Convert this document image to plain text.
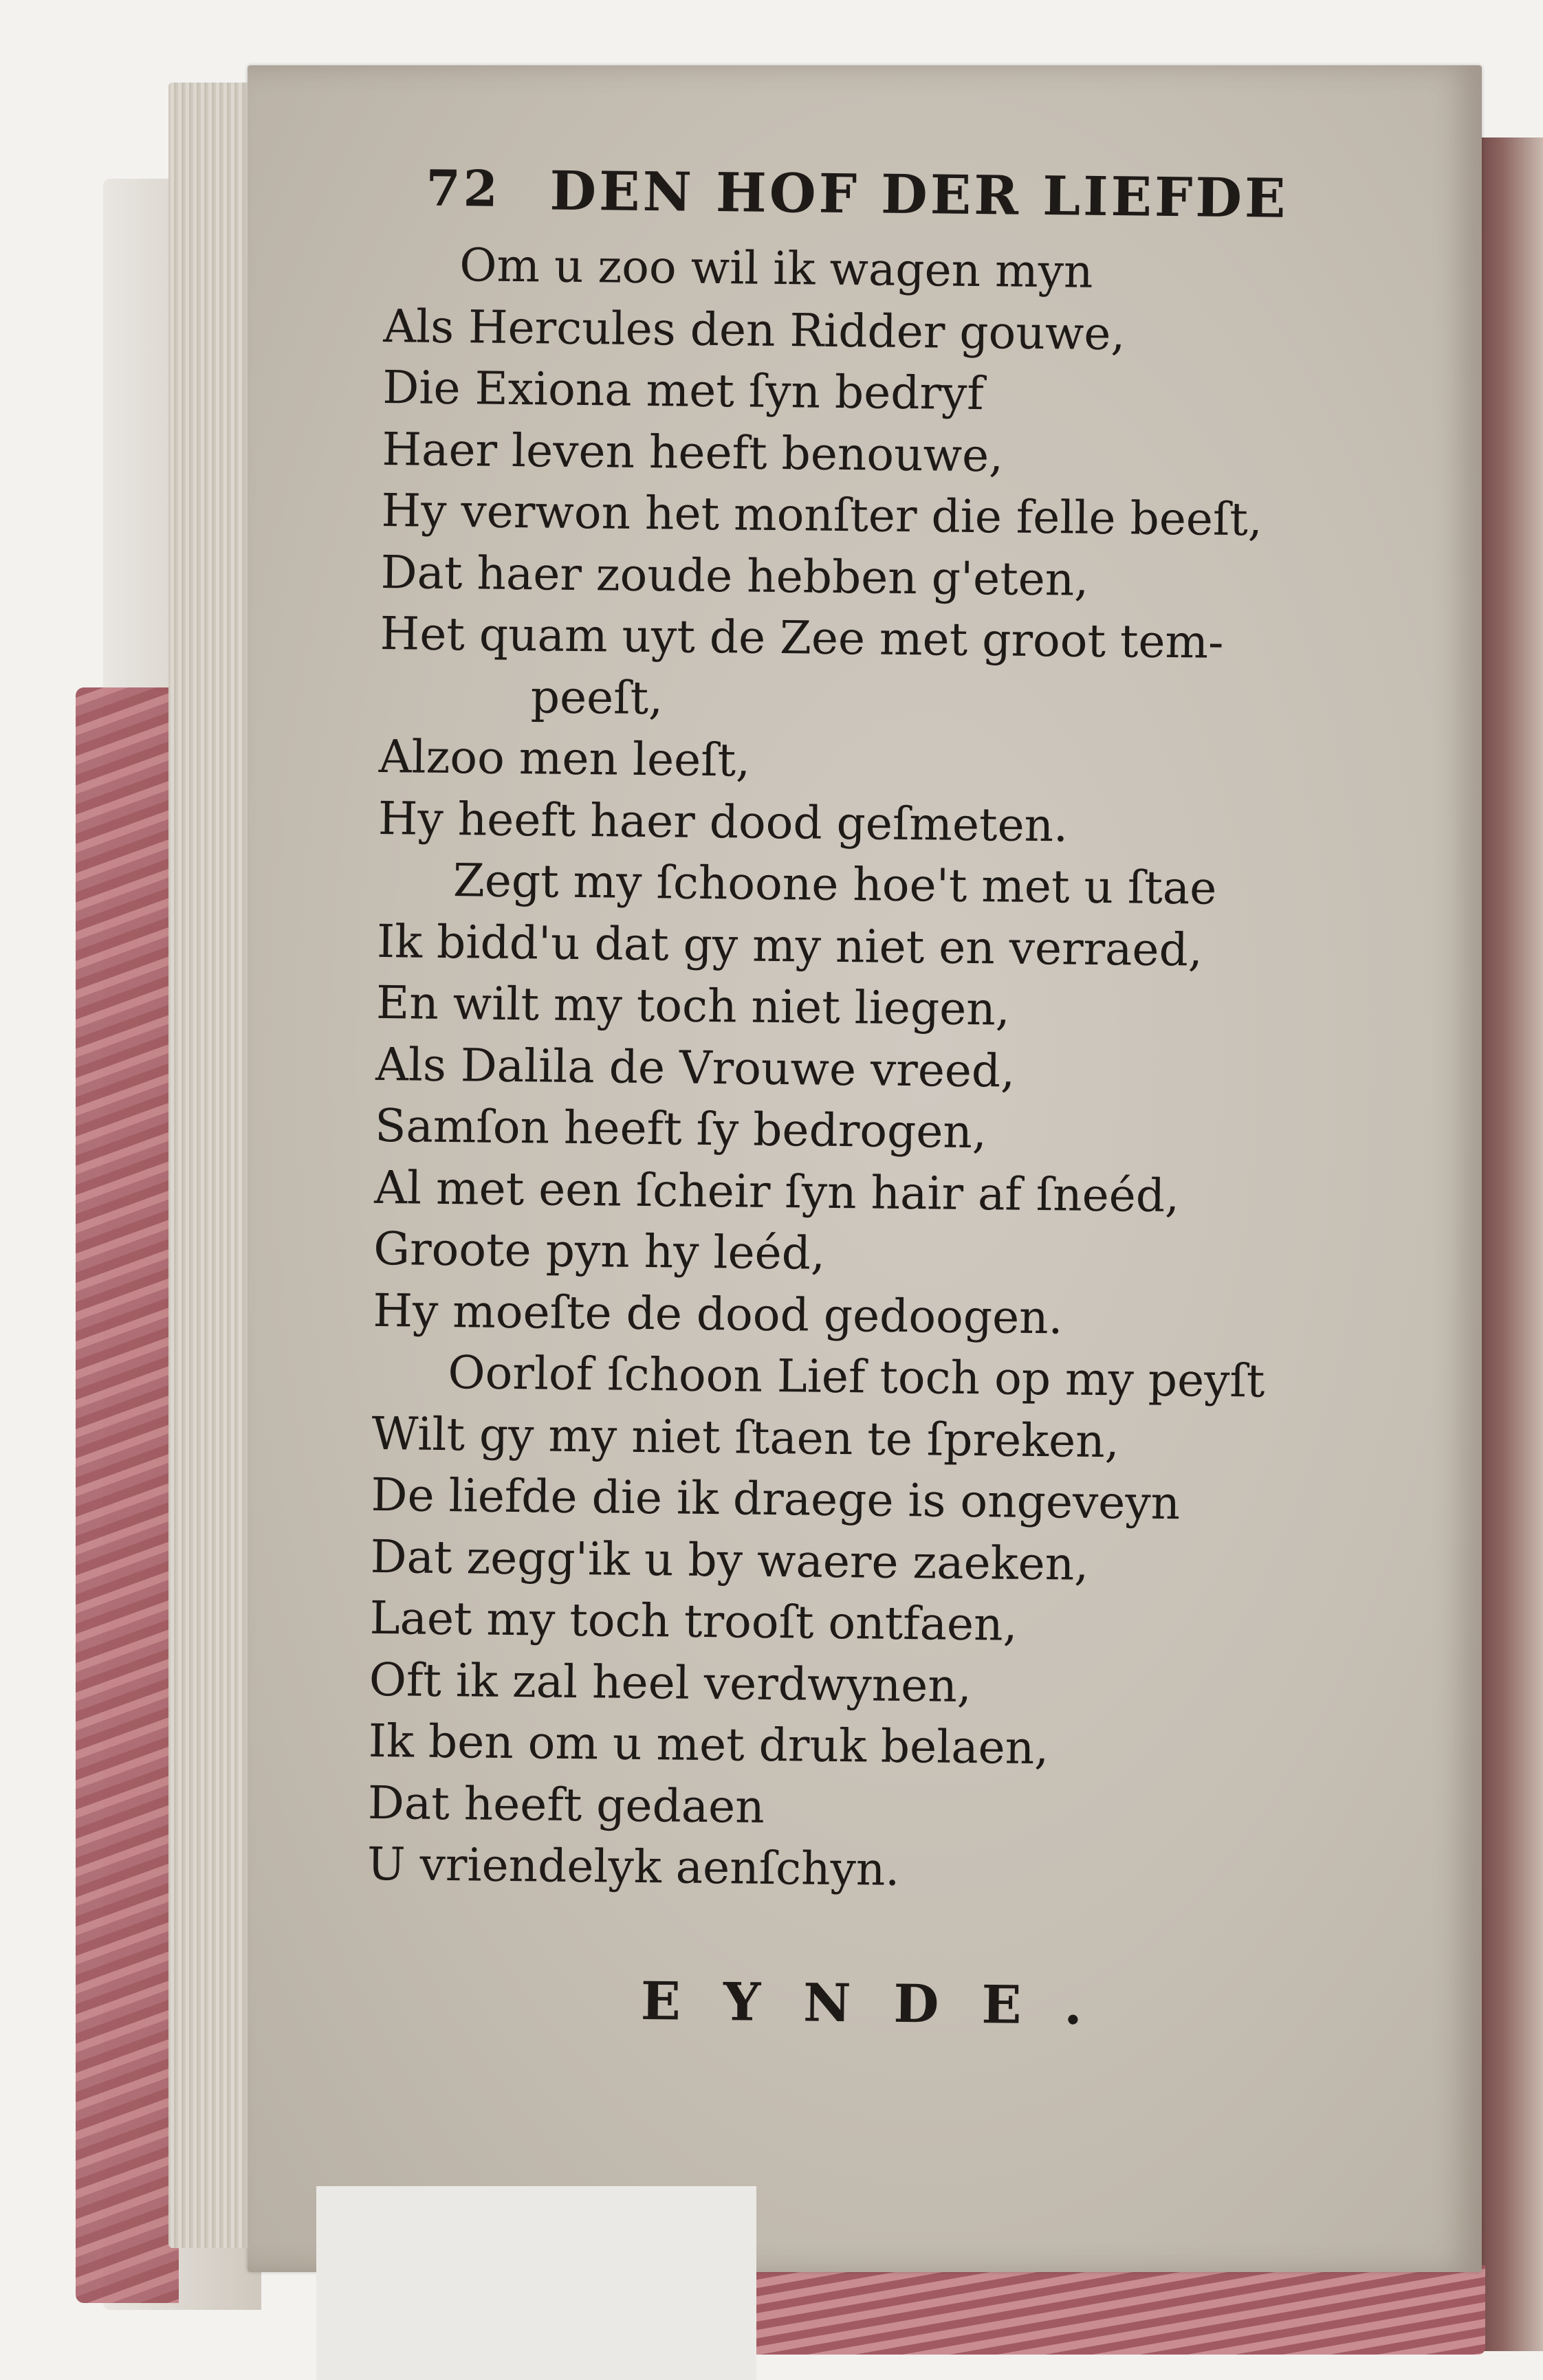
72 DEN HOF DER LIEFDE
Om u zoo wil ik wagen myn
Als Hercules den Ridder gouwe,
Die Exiona met ſyn bedryf
Haer leven heeft benouwe,
Hy verwon het monſter die felle beeſt,
Dat haer zoude hebben g'eten,
Het quam uyt de Zee met groot tem-
peeſt,
Alzoo men leeſt,
Hy heeft haer dood geſmeten.
Zegt my ſchoone hoe't met u ſtae
Ik bidd'u dat gy my niet en verraed,
En wilt my toch niet liegen,
Als Dalila de Vrouwe vreed,
Samſon heeft ſy bedrogen,
Al met een ſcheir ſyn hair af ſneéd,
Groote pyn hy leéd,
Hy moeſte de dood gedoogen.
Oorlof ſchoon Lief toch op my peyſt
Wilt gy my niet ſtaen te ſpreken,
De liefde die ik draege is ongeveyn
Dat zegg'ik u by waere zaeken,
Laet my toch trooſt ontfaen,
Oft ik zal heel verdwynen,
Ik ben om u met druk belaen,
Dat heeft gedaen
U vriendelyk aenſchyn.
EYNDE.
